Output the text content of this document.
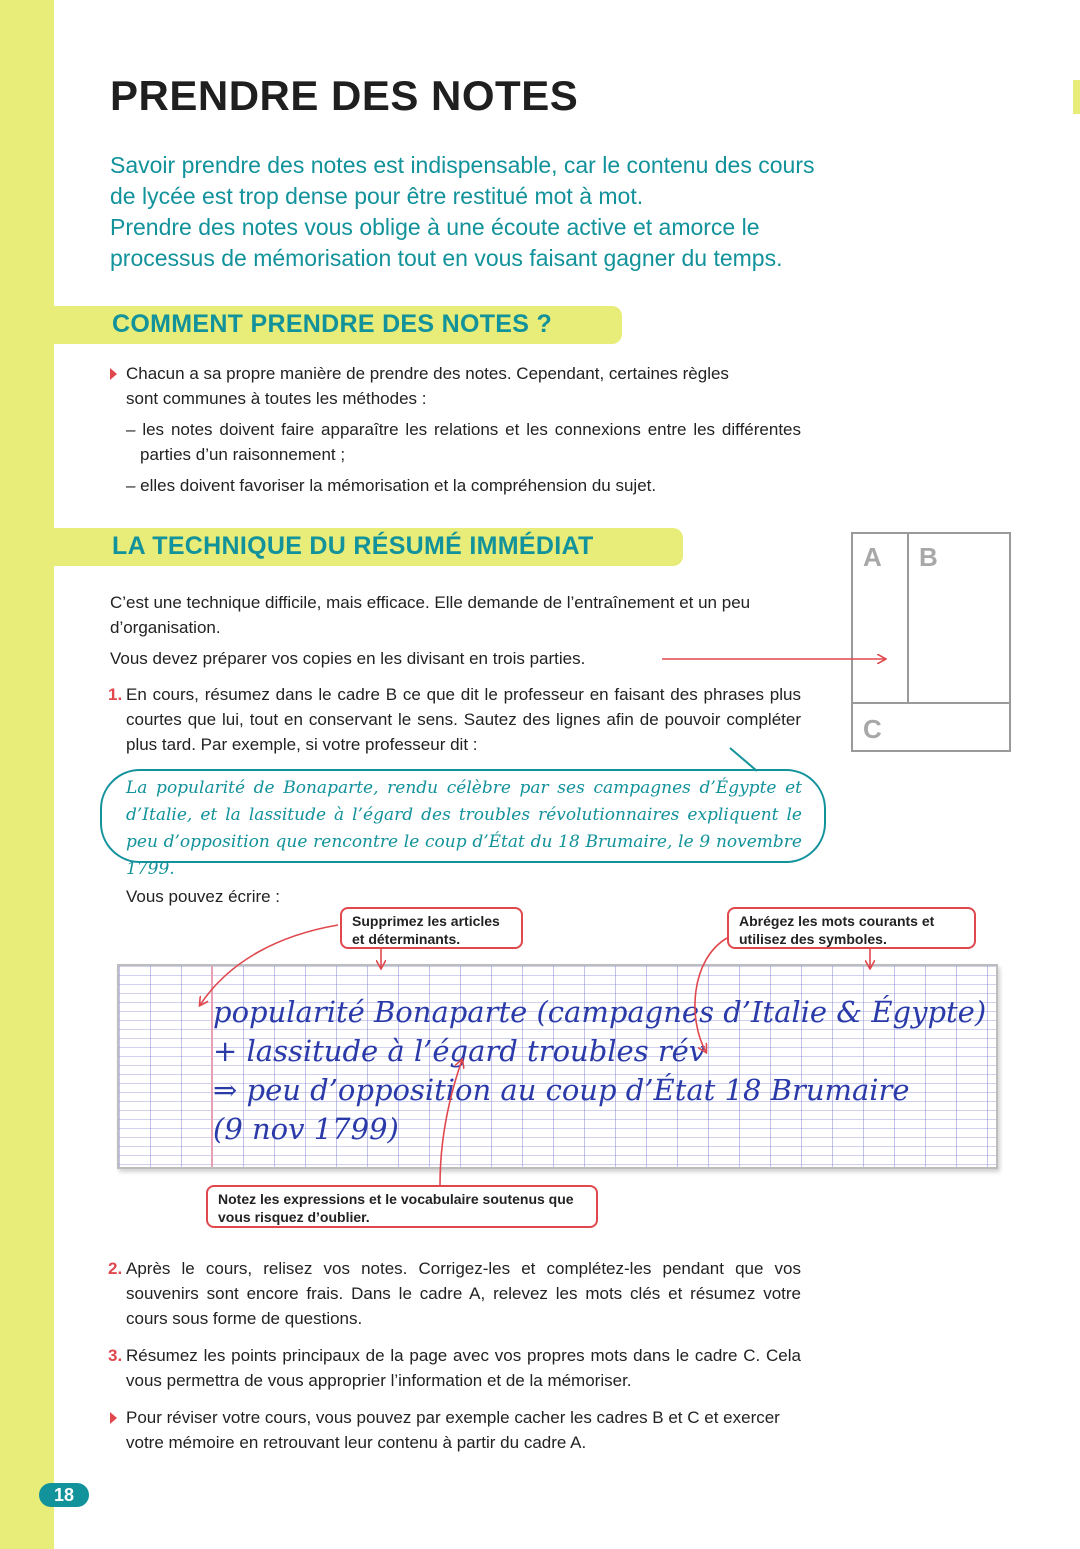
PRENDRE DES NOTES

Savoir prendre des notes est indispensable, car le contenu des cours

de lycée est trop dense pour être restitué mot à mot.

Prendre des notes vous oblige à une écoute active et amorce le

processus de mémorisation tout en vous faisant gagner du temps.

COMMENT PRENDRE DES NOTES ?
Chacun a sa propre manière de prendre des notes. Cependant, certaines règles
sont communes à toutes les méthodes :
– les notes doivent faire apparaître les relations et les connexions entre les différentes parties d’un raisonnement ;
– elles doivent favoriser la mémorisation et la compréhension du sujet.
LA TECHNIQUE DU RÉSUMÉ IMMÉDIAT	A B
C
C’est une technique difficile, mais efficace. Elle demande de l’entraînement et un peu d’organisation.
Vous devez préparer vos copies en les divisant en trois parties.
1. En cours, résumez dans le cadre B ce que dit le professeur en faisant des phrases plus courtes que lui, tout en conservant le sens. Sautez des lignes afin de pouvoir compléter plus tard. Par exemple, si votre professeur dit :
La popularité de Bonaparte, rendu célèbre par ses campagnes d’Égypte et d’Italie, et la lassitude à l’égard des troubles révolutionnaires expliquent le peu d’opposition que rencontre le coup d’État du 18 Brumaire, le 9 novembre 1799.
Vous pouvez écrire :
popularité Bonaparte (campagnes d’Italie & Égypte)
+ lassitude à l’égard troubles rév
⇒ peu d’opposition au coup d’État 18 Brumaire
(9 nov 1799)
Supprimez les articles et déterminants.
Abrégez les mots courants et utilisez des symboles.
Notez les expressions et le vocabulaire soutenus que vous risquez d’oublier.
2. Après le cours, relisez vos notes. Corrigez-les et complétez-les pendant que vos souvenirs sont encore frais. Dans le cadre A, relevez les mots clés et résumez votre cours sous forme de questions.
3. Résumez les points principaux de la page avec vos propres mots dans le cadre C. Cela vous permettra de vous approprier l’information et de la mémoriser.
Pour réviser votre cours, vous pouvez par exemple cacher les cadres B et C et exercer votre mémoire en retrouvant leur contenu à partir du cadre A.
18
